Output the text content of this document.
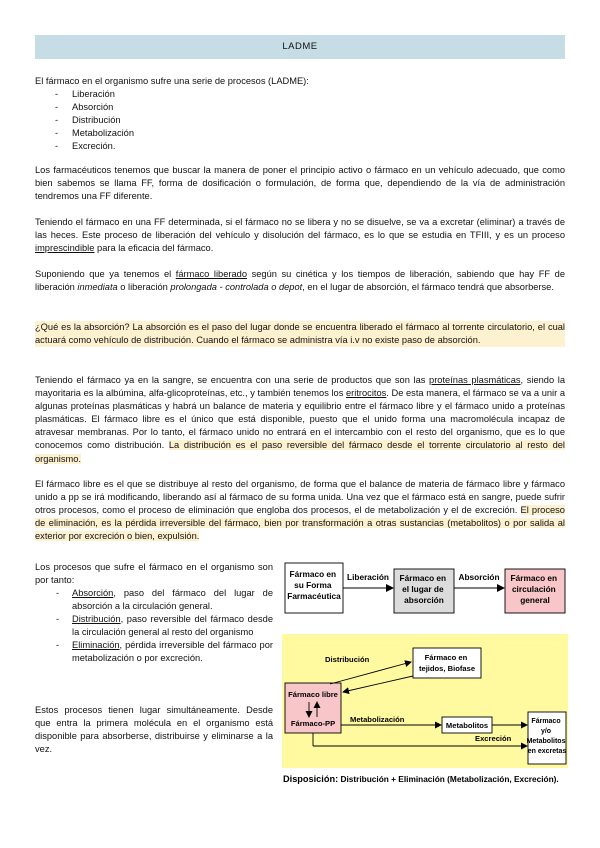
LADME

El fármaco en el organismo sufre una serie de procesos (LADME):

- Liberación
- Absorción
- Distribución
- Metabolización
- Excreción.

Los farmacéuticos tenemos que buscar la manera de poner el principio activo o fármaco en un vehículo adecuado, que como bien sabemos se llama FF, forma de dosificación o formulación, de forma que, dependiendo de la vía de administración tendremos una FF diferente.

Teniendo el fármaco en una FF determinada, si el fármaco no se libera y no se disuelve, se va a excretar (eliminar) a través de las heces. Este proceso de liberación del vehículo y disolución del fármaco, es lo que se estudia en TFIII, y es un proceso imprescindible para la eficacia del fármaco.

Suponiendo que ya tenemos el fármaco liberado según su cinética y los tiempos de liberación, sabiendo que hay FF de liberación inmediata o liberación prolongada - controlada o depot, en el lugar de absorción, el fármaco tendrá que absorberse.

¿Qué es la absorción? La absorción es el paso del lugar donde se encuentra liberado el fármaco al torrente circulatorio, el cual actuará como vehículo de distribución. Cuando el fármaco se administra vía i.v no existe paso de absorción.

Teniendo el fármaco ya en la sangre, se encuentra con una serie de productos que son las proteínas plasmáticas, siendo la mayoritaria es la albúmina, alfa-glicoproteínas, etc., y también tenemos los eritrocitos. De esta manera, el fármaco se va a unir a algunas proteínas plasmáticas y habrá un balance de materia y equilibrio entre el fármaco libre y el fármaco unido a proteínas plasmáticas. El fármaco libre es el único que está disponible, puesto que el unido forma una macromolécula incapaz de atravesar membranas. Por lo tanto, el fármaco unido no entrará en el intercambio con el resto del organismo, que es lo que conocemos como distribución. La distribución es el paso reversible del fármaco desde el torrente circulatorio al resto del organismo.

El fármaco libre es el que se distribuye al resto del organismo, de forma que el balance de materia de fármaco libre y fármaco unido a pp se irá modificando, liberando así al fármaco de su forma unida. Una vez que el fármaco está en sangre, puede sufrir otros procesos, como el proceso de eliminación que engloba dos procesos, el de metabolización y el de excreción. El proceso de eliminación, es la pérdida irreversible del fármaco, bien por transformación a otras sustancias (metabolitos) o por salida al exterior por excreción o bien, expulsión.

Los procesos que sufre el fármaco en el organismo son por tanto:
- Absorción, paso del fármaco del lugar de absorción a la circulación general.
- Distribución, paso reversible del fármaco desde la circulación general al resto del organismo
- Eliminación, pérdida irreversible del fármaco por metabolización o por excreción.
Estos procesos tienen lugar simultáneamente. Desde que entra la primera molécula en el organismo está disponible para absorberse, distribuirse y eliminarse a la vez.
Fármaco en su Forma Farmacéutica
Liberación Fármaco en el lugar de absorción
Absorción Fármaco en circulación general
Distribución	Fármaco en tejidos, Biofase
Fármaco libre
Fármaco-PP Metabolización
Metabolitos
Excreción
Fármaco y/o Metabolitos en excretas
Disposición: Distribución + Eliminación (Metabolización, Excreción).
